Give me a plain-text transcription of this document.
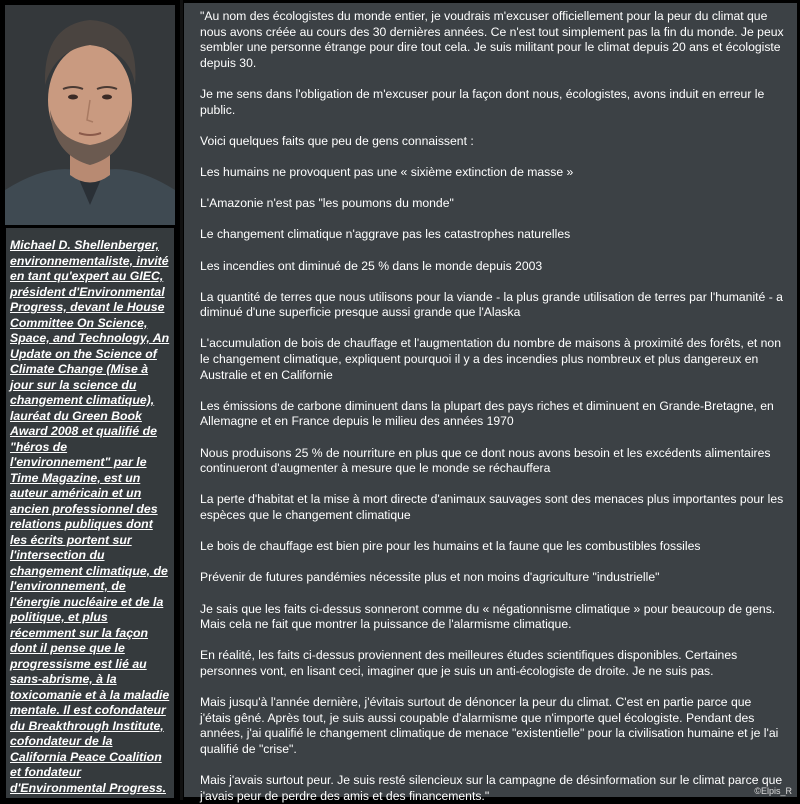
Michael D. Shellenberger, environnementaliste, invité en tant qu'expert au GIEC, président d'Environmental Progress, devant le House Committee On Science, Space, and Technology, An Update on the Science of Climate Change (Mise à jour sur la science du changement climatique), lauréat du Green Book Award 2008 et qualifié de "héros de l'environnement" par le Time Magazine, est un auteur américain et un ancien professionnel des relations publiques dont les écrits portent sur l'intersection du changement climatique, de l'environnement, de l'énergie nucléaire et de la politique, et plus récemment sur la façon dont il pense que le progressisme est lié au sans-abrisme, à la toxicomanie et à la maladie mentale. Il est cofondateur du Breakthrough Institute, cofondateur de la California Peace Coalition et fondateur d'Environmental Progress.

"Au nom des écologistes du monde entier, je voudrais m'excuser officiellement pour la peur du climat que nous avons créée au cours des 30 dernières années. Ce n'est tout simplement pas la fin du monde. Je peux sembler une personne étrange pour dire tout cela. Je suis militant pour le climat depuis 20 ans et écologiste depuis 30.

Je me sens dans l'obligation de m'excuser pour la façon dont nous, écologistes, avons induit en erreur le public.

Voici quelques faits que peu de gens connaissent :

Les humains ne provoquent pas une « sixième extinction de masse »

L'Amazonie n'est pas "les poumons du monde"

Le changement climatique n'aggrave pas les catastrophes naturelles

Les incendies ont diminué de 25 % dans le monde depuis 2003

La quantité de terres que nous utilisons pour la viande - la plus grande utilisation de terres par l'humanité - a diminué d'une superficie presque aussi grande que l'Alaska

L'accumulation de bois de chauffage et l'augmentation du nombre de maisons à proximité des forêts, et non le changement climatique, expliquent pourquoi il y a des incendies plus nombreux et plus dangereux en Australie et en Californie

Les émissions de carbone diminuent dans la plupart des pays riches et diminuent en Grande-Bretagne, en Allemagne et en France depuis le milieu des années 1970

Nous produisons 25 % de nourriture en plus que ce dont nous avons besoin et les excédents alimentaires continueront d'augmenter à mesure que le monde se réchauffera

La perte d'habitat et la mise à mort directe d'animaux sauvages sont des menaces plus importantes pour les espèces que le changement climatique

Le bois de chauffage est bien pire pour les humains et la faune que les combustibles fossiles

Prévenir de futures pandémies nécessite plus et non moins d'agriculture "industrielle"

Je sais que les faits ci-dessus sonneront comme du « négationnisme climatique » pour beaucoup de gens. Mais cela ne fait que montrer la puissance de l'alarmisme climatique.

En réalité, les faits ci-dessus proviennent des meilleures études scientifiques disponibles. Certaines personnes vont, en lisant ceci, imaginer que je suis un anti-écologiste de droite. Je ne suis pas.

Mais jusqu'à l'année dernière, j'évitais surtout de dénoncer la peur du climat. C'est en partie parce que j'étais gêné. Après tout, je suis aussi coupable d'alarmisme que n'importe quel écologiste. Pendant des années, j'ai qualifié le changement climatique de menace "existentielle" pour la civilisation humaine et je l'ai qualifié de "crise".

Mais j'avais surtout peur. Je suis resté silencieux sur la campagne de désinformation sur le climat parce que j'avais peur de perdre des amis et des financements."	©Elpis_R
